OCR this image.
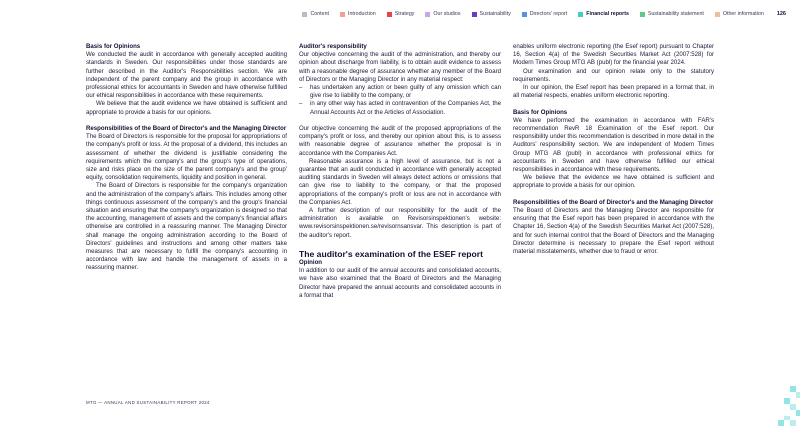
Content	Introduction	Strategy	Our studios	Sustainability	Directors' report	Financial reports	Sustainability statement	Other information 126
Basis for Opinions

We conducted the audit in accordance with generally accepted auditing standards in Sweden. Our responsibilities under those standards are further described in the Auditor's Responsibilities section. We are independent of the parent company and the group in accordance with professional ethics for accountants in Sweden and have otherwise fulfilled our ethical responsibilities in accordance with these requirements.

We believe that the audit evidence we have obtained is sufficient and appropriate to provide a basis for our opinions.

Responsibilities of the Board of Director's and the Managing Director

The Board of Directors is responsible for the proposal for appropriations of the company's profit or loss. At the proposal of a dividend, this includes an assessment of whether the dividend is justifiable considering the requirements which the company's and the group's type of operations, size and risks place on the size of the parent company's and the group' equity, consolidation requirements, liquidity and position in general.

The Board of Directors is responsible for the company's organization and the administration of the company's affairs. This includes among other things continuous assessment of the company's and the group's financial situation and ensuring that the company's organization is designed so that the accounting, management of assets and the company's financial affairs otherwise are controlled in a reassuring manner. The Managing Director shall manage the ongoing administration according to the Board of Directors' guidelines and instructions and among other matters take measures that are necessary to fulfill the company's accounting in accordance with law and handle the management of assets in a reassuring manner.

Auditor's responsibility

Our objective concerning the audit of the administration, and thereby our opinion about discharge from liability, is to obtain audit evidence to assess with a reasonable degree of assurance whether any member of the Board of Directors or the Managing Director in any material respect:

– has undertaken any action or been guilty of any omission which can give rise to liability to the company, or
– in any other way has acted in contravention of the Companies Act, the Annual Accounts Act or the Articles of Association.

Our objective concerning the audit of the proposed appropriations of the company's profit or loss, and thereby our opinion about this, is to assess with reasonable degree of assurance whether the proposal is in accordance with the Companies Act.

Reasonable assurance is a high level of assurance, but is not a guarantee that an audit conducted in accordance with generally accepted auditing standards in Sweden will always detect actions or omissions that can give rise to liability to the company, or that the proposed appropriations of the company's profit or loss are not in accordance with the Companies Act.

A further description of our responsibility for the audit of the administration is available on Revisorsinspektionen's website: www.revisorsinspektionen.se/revisornsansvar. This description is part of the auditor's report.

The auditor's examination of the ESEF report
Opinion

In addition to our audit of the annual accounts and consolidated accounts, we have also examined that the Board of Directors and the Managing Director have prepared the annual accounts and consolidated accounts in a format that

enables uniform electronic reporting (the Esef report) pursuant to Chapter 16, Section 4(a) of the Swedish Securities Market Act (2007:528) for Modern Times Group MTG AB (publ) for the financial year 2024.

Our examination and our opinion relate only to the statutory requirements.

In our opinion, the Esef report has been prepared in a format that, in all material respects, enables uniform electronic reporting.

Basis for Opinions

We have performed the examination in accordance with FAR's recommendation RevR 18 Examination of the Esef report. Our responsibility under this recommendation is described in more detail in the Auditors' responsibility section. We are independent of Modern Times Group MTG AB (publ) in accordance with professional ethics for accountants in Sweden and have otherwise fulfilled our ethical responsibilities in accordance with these requirements.

We believe that the evidence we have obtained is sufficient and appropriate to provide a basis for our opinion.

Responsibilities of the Board of Director's and the Managing Director

The Board of Directors and the Managing Director are responsible for ensuring that the Esef report has been prepared in accordance with the Chapter 16, Section 4(a) of the Swedish Securities Market Act (2007:528), and for such internal control that the Board of Directors and the Managing Director determine is necessary to prepare the Esef report without material misstatements, whether due to fraud or error.

MTG — ANNUAL AND SUSTAINABILITY REPORT 2024
